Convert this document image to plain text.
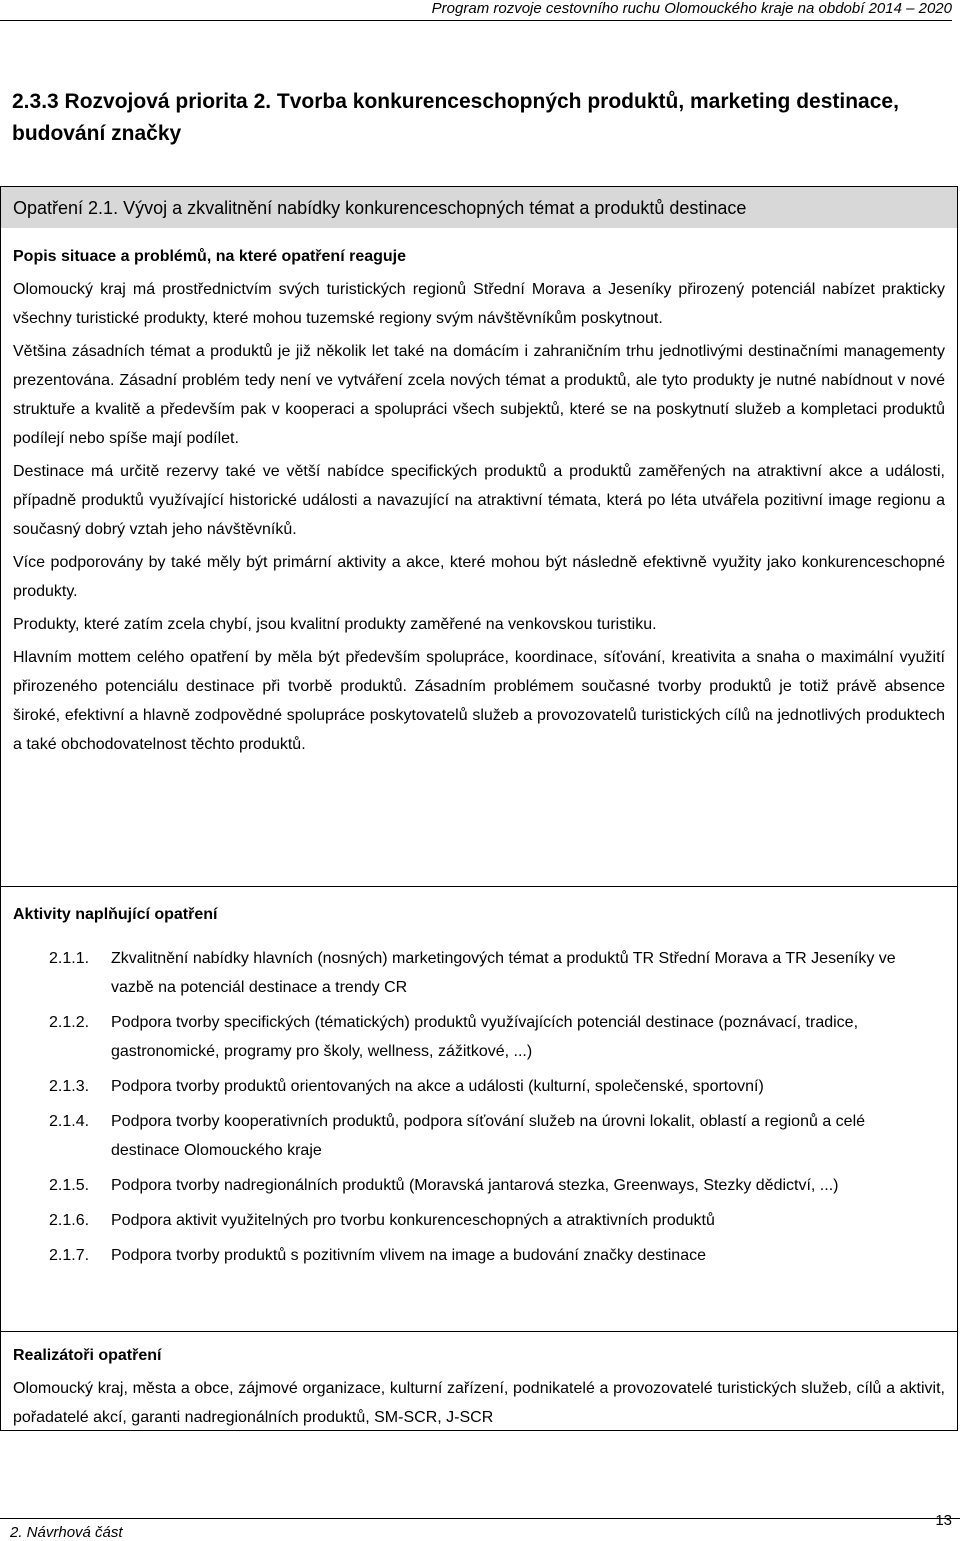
Program rozvoje cestovního ruchu Olomouckého kraje na období 2014 – 2020
2.3.3 Rozvojová priorita 2. Tvorba konkurenceschopných produktů, marketing destinace, budování značky
Opatření 2.1. Vývoj a zkvalitnění nabídky konkurenceschopných témat a produktů destinace
Popis situace a problémů, na které opatření reaguje

Olomoucký kraj má prostřednictvím svých turistických regionů Střední Morava a Jeseníky přirozený potenciál nabízet prakticky všechny turistické produkty, které mohou tuzemské regiony svým návštěvníkům poskytnout.

Většina zásadních témat a produktů je již několik let také na domácím i zahraničním trhu jednotlivými destinačními managementy prezentována. Zásadní problém tedy není ve vytváření zcela nových témat a produktů, ale tyto produkty je nutné nabídnout v nové struktuře a kvalitě a především pak v kooperaci a spolupráci všech subjektů, které se na poskytnutí služeb a kompletaci produktů podílejí nebo spíše mají podílet.

Destinace má určitě rezervy také ve větší nabídce specifických produktů a produktů zaměřených na atraktivní akce a události, případně produktů využívající historické události a navazující na atraktivní témata, která po léta utvářela pozitivní image regionu a současný dobrý vztah jeho návštěvníků.

Více podporovány by také měly být primární aktivity a akce, které mohou být následně efektivně využity jako konkurenceschopné produkty.

Produkty, které zatím zcela chybí, jsou kvalitní produkty zaměřené na venkovskou turistiku.

Hlavním mottem celého opatření by měla být především spolupráce, koordinace, síťování, kreativita a snaha o maximální využití přirozeného potenciálu destinace při tvorbě produktů. Zásadním problémem současné tvorby produktů je totiž právě absence široké, efektivní a hlavně zodpovědné spolupráce poskytovatelů služeb a provozovatelů turistických cílů na jednotlivých produktech a také obchodovatelnost těchto produktů.

Aktivity naplňující opatření
2.1.1.	Zkvalitnění nabídky hlavních (nosných) marketingových témat a produktů TR Střední Morava a TR Jeseníky ve vazbě na potenciál destinace a trendy CR
2.1.2.	Podpora tvorby specifických (tématických) produktů využívajících potenciál destinace (poznávací, tradice, gastronomické, programy pro školy, wellness, zážitkové, ...)
2.1.3.	Podpora tvorby produktů orientovaných na akce a události (kulturní, společenské, sportovní)
2.1.4.	Podpora tvorby kooperativních produktů, podpora síťování služeb na úrovni lokalit, oblastí a regionů a celé destinace Olomouckého kraje
2.1.5.	Podpora tvorby nadregionálních produktů (Moravská jantarová stezka, Greenways, Stezky dědictví, ...)
2.1.6.	Podpora aktivit využitelných pro tvorbu konkurenceschopných a atraktivních produktů
2.1.7.	Podpora tvorby produktů s pozitivním vlivem na image a budování značky destinace
Realizátoři opatření

Olomoucký kraj, města a obce, zájmové organizace, kulturní zařízení, podnikatelé a provozovatelé turistických služeb, cílů a aktivit, pořadatelé akcí, garanti nadregionálních produktů, SM-SCR, J-SCR

2. Návrhová část
13
